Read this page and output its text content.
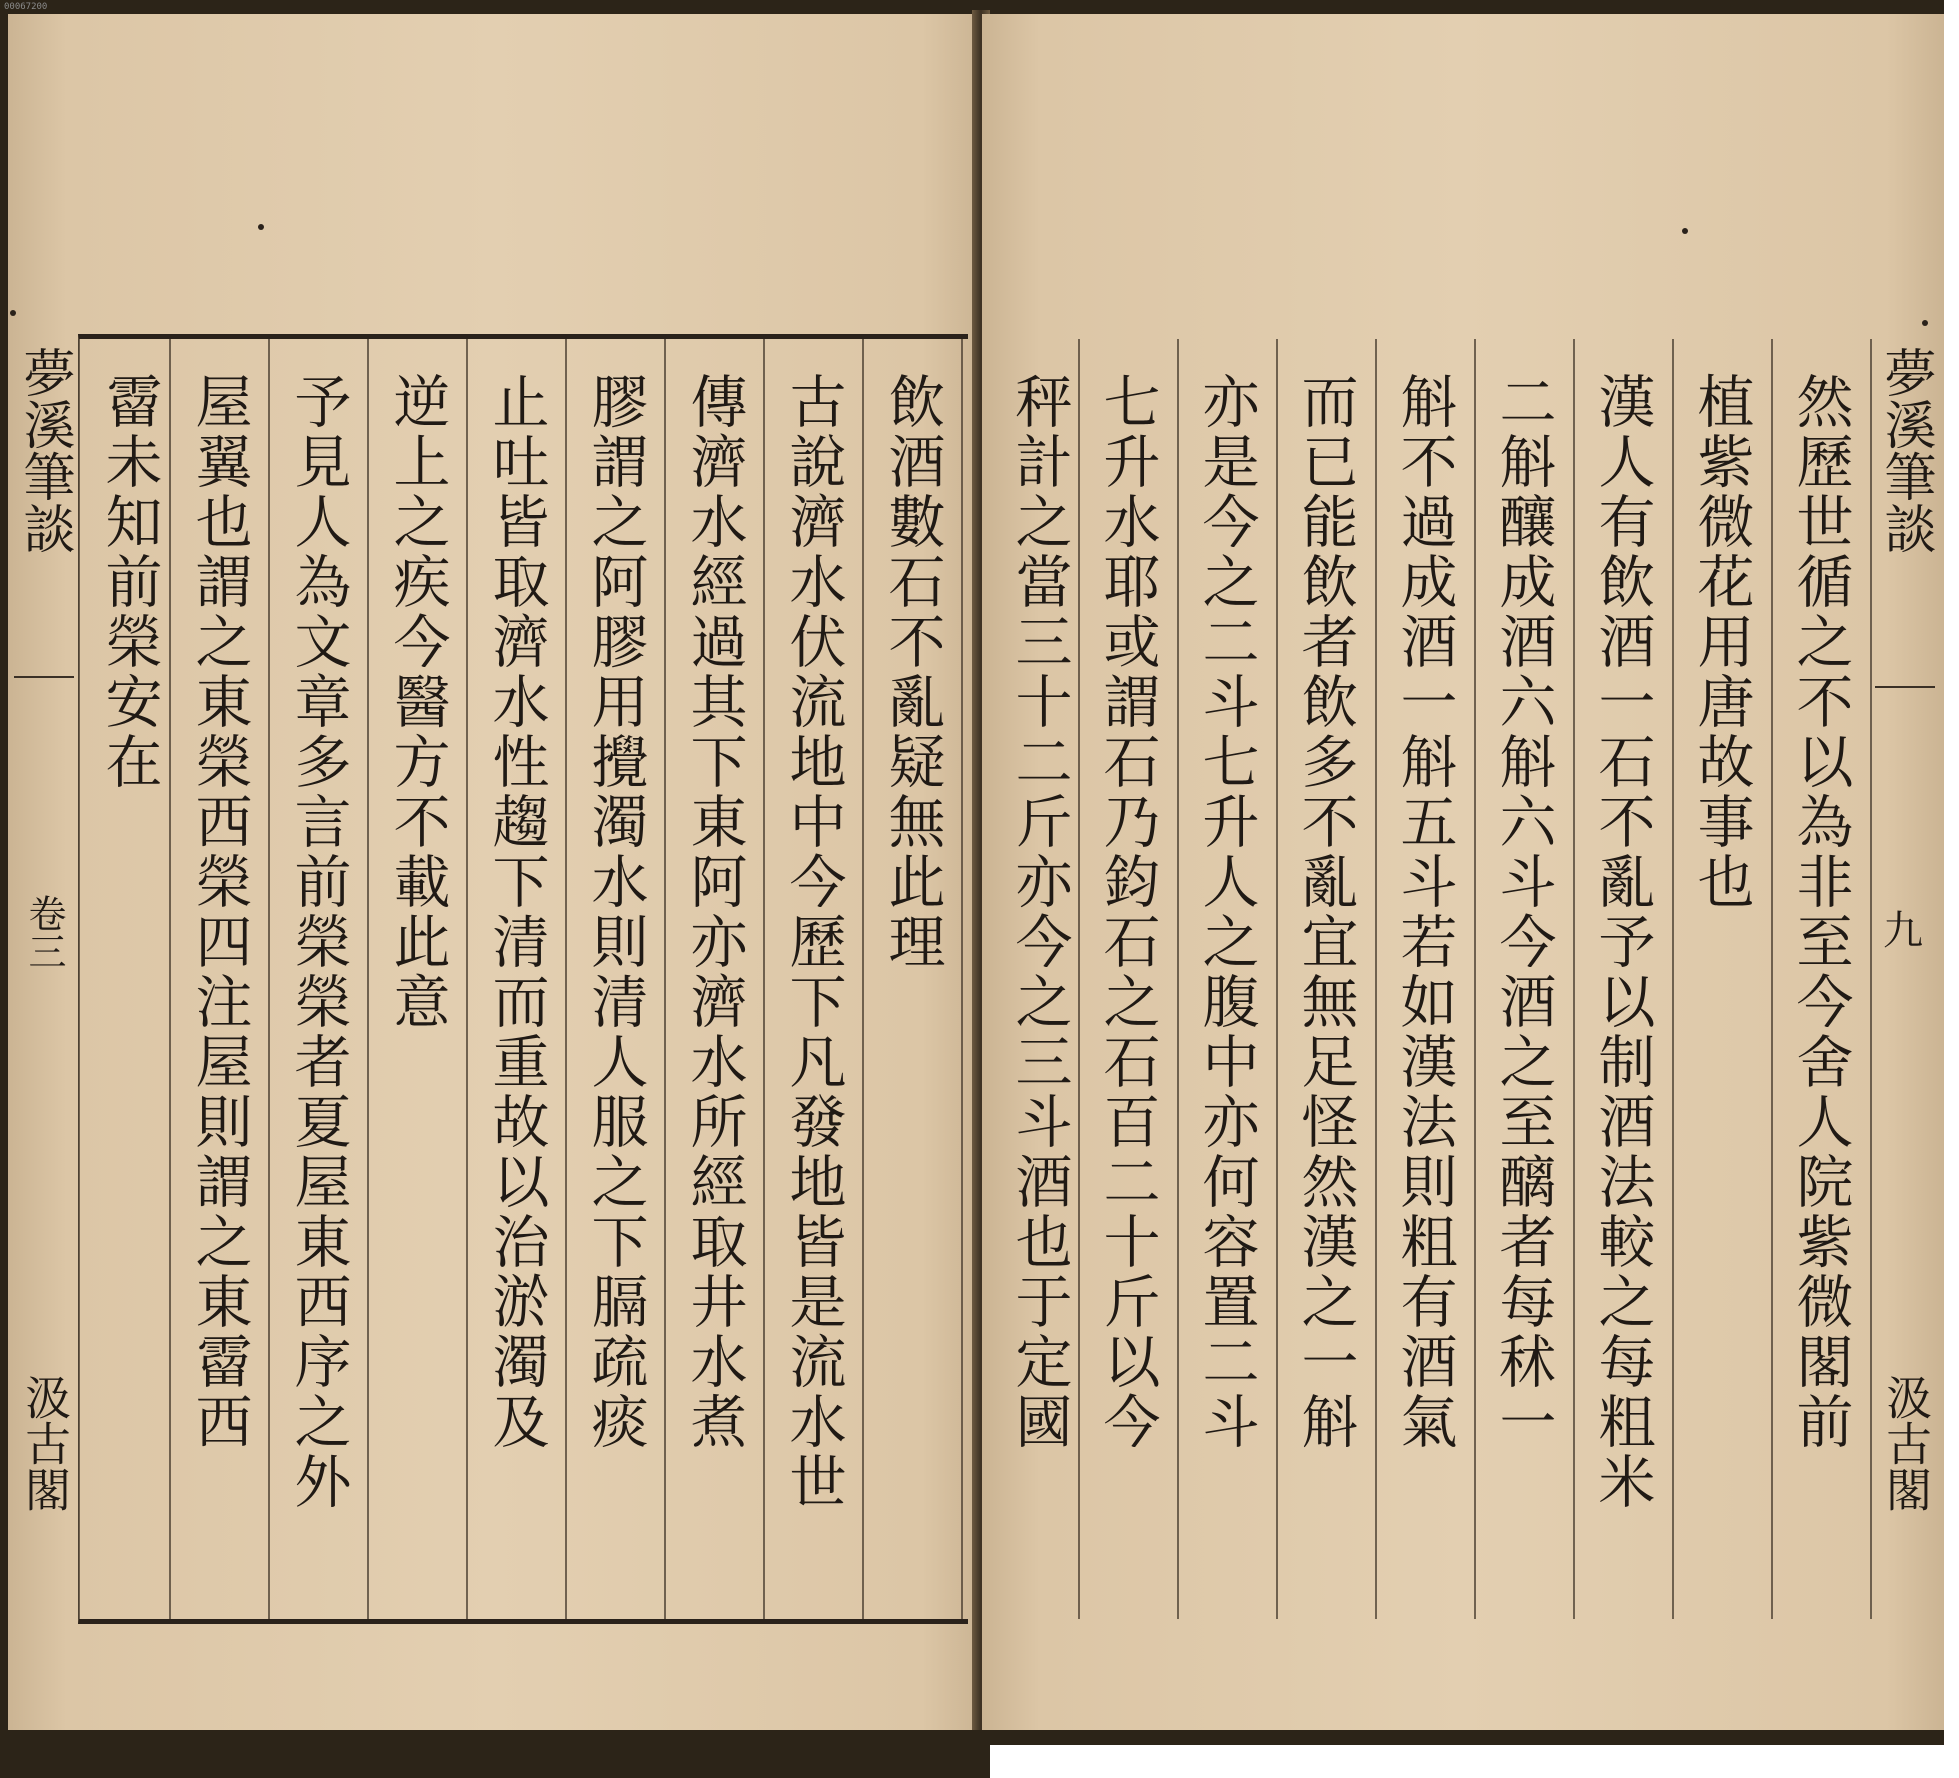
00067200
夢溪筆談
卷三
汲古閣
飲酒數石不亂疑無此理
古說濟水伏流地中今歷下凡發地皆是流水世
傳濟水經過其下東阿亦濟水所經取井水煮
膠謂之阿膠用攪濁水則清人服之下膈疏痰
止吐皆取濟水性趨下清而重故以治淤濁及
逆上之疾今醫方不載此意
予見人為文章多言前榮榮者夏屋東西序之外
屋翼也謂之東榮西榮四注屋則謂之東霤西
霤未知前榮安在	然歷世循之不以為非至今舍人院紫微閣前
植紫微花用唐故事也
漢人有飲酒一石不亂予以制酒法較之每粗米
二斛釀成酒六斛六斗今酒之至醨者每秫一
斛不過成酒一斛五斗若如漢法則粗有酒氣
而已能飲者飲多不亂宜無足怪然漢之一斛
亦是今之二斗七升人之腹中亦何容置二斗
七升水耶或謂石乃鈞石之石百二十斤以今
秤計之當三十二斤亦今之三斗酒也于定國	夢溪筆談
九
汲古閣
